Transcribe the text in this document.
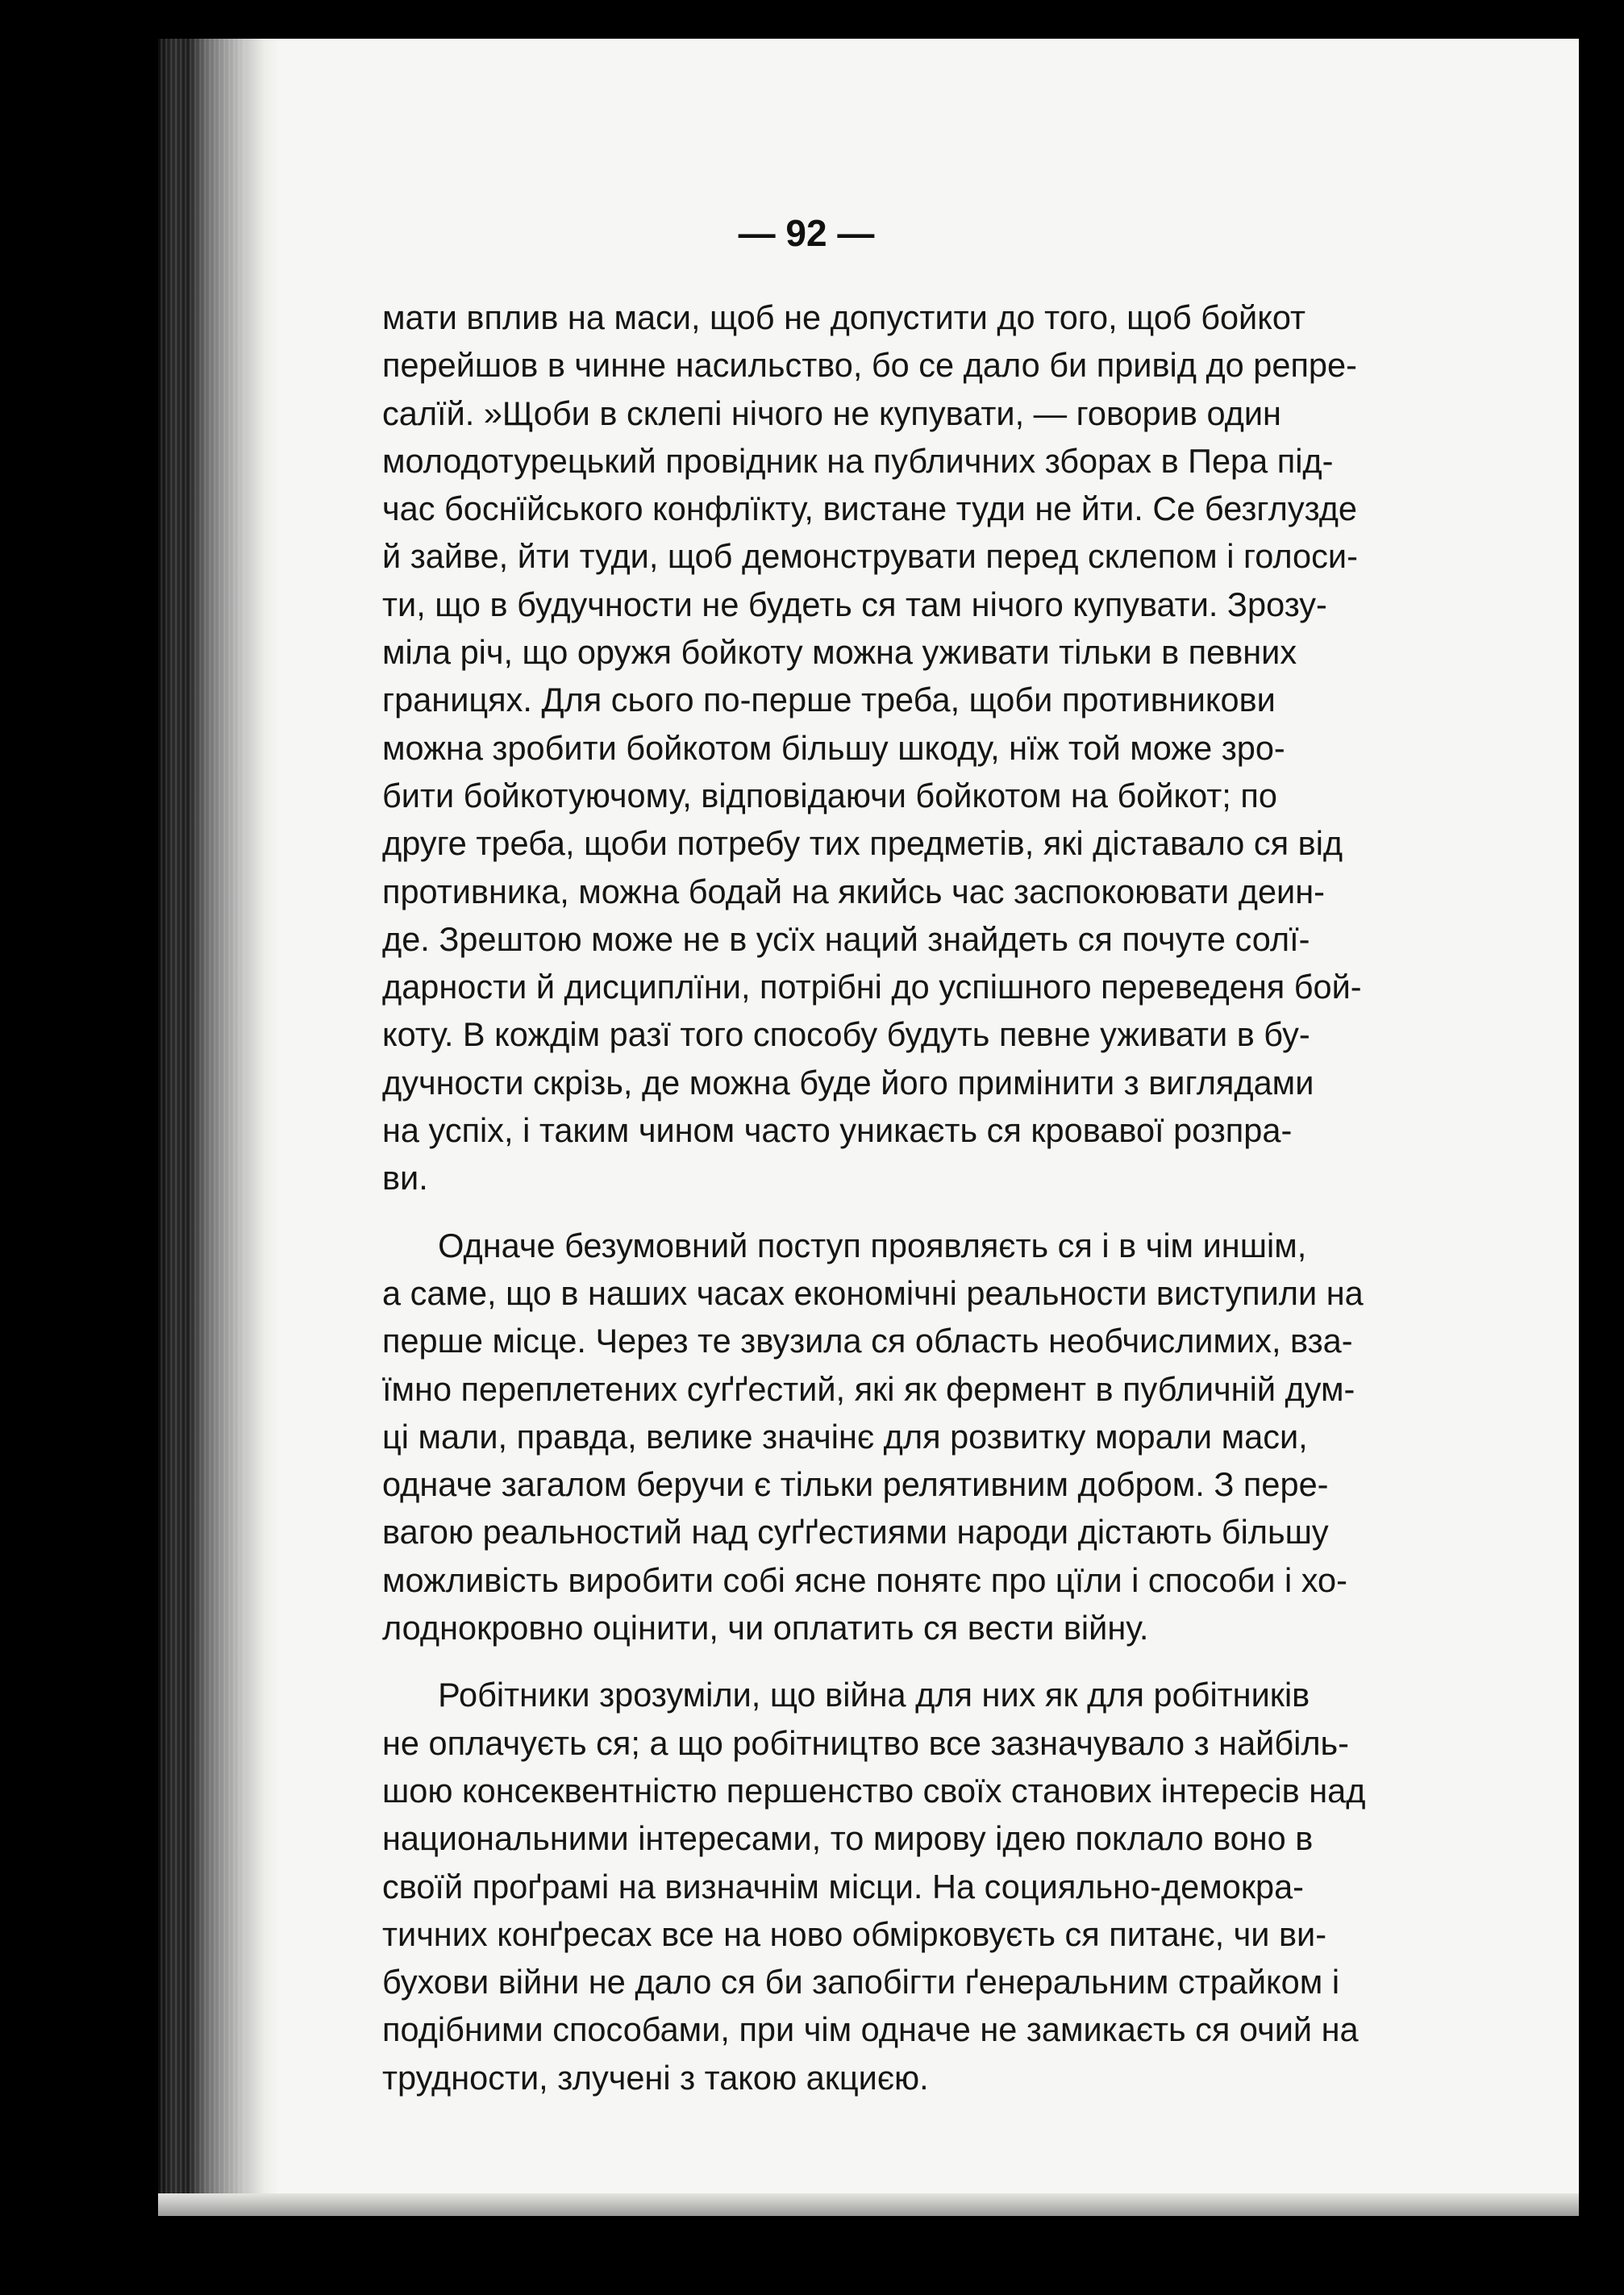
— 92 —
мати вплив на маси, щоб не допустити до того, щоб бойкот
перейшов в чинне насильство, бо се дало би привід до репре-
салїй. »Щоби в склепі нічого не купувати, — говорив один
молодотурецький провідник на публичних зборах в Пера під-
час боснїйського конфлїкту, вистане туди не йти. Се безглузде
й зайве, йти туди, щоб демонструвати перед склепом і голоси-
ти, що в будучности не будеть ся там нічого купувати. Зрозу-
міла річ, що оружя бойкоту можна уживати тільки в певних
границях. Для сього по-перше треба, щоби противникови
можна зробити бойкотом більшу шкоду, нїж той може зро-
бити бойкотуючому, відповідаючи бойкотом на бойкот; по
друге треба, щоби потребу тих предметів, які діставало ся від
противника, можна бодай на якийсь час заспокоювати деин-
де. Зрештою може не в усїх наций знайдеть ся почуте солї-
дарности й дисциплїни, потрібні до успішного переведеня бой-
коту. В кождім разї того способу будуть певне уживати в бу-
дучности скрізь, де можна буде його примінити з виглядами
на успіх, і таким чином часто уникаєть ся кровавої розпра-
ви.
Одначе безумовний поступ проявляєть ся і в чім иншім,
а саме, що в наших часах економічні реальности виступили на
перше місце. Через те звузила ся область необчислимих, вза-
ïмно переплетених суґґестий, які як фермент в публичній дум-
ці мали, правда, велике значінє для розвитку морали маси,
одначе загалом беручи є тільки релятивним добром. З пере-
вагою реальностий над суґґестиями народи дістають більшу
можливість виробити собі ясне понятє про цїли і способи і хо-
лоднокровно оцінити, чи оплатить ся вести війну.
Робітники зрозуміли, що війна для них як для робітників
не оплачуєть ся; а що робітництво все зазначувало з найбіль-
шою консеквентністю першенство своїх станових інтересів над
национальними інтересами, то мирову ідею поклало воно в
своїй проґрамі на визначнім місци. На социяльно-демокра-
тичних конґресах все на ново обмірковуєть ся питанє, чи ви-
бухови війни не дало ся би запобігти ґенеральним страйком і
подібними способами, при чім одначе не замикаєть ся очий на
трудности, злучені з такою акциєю.
